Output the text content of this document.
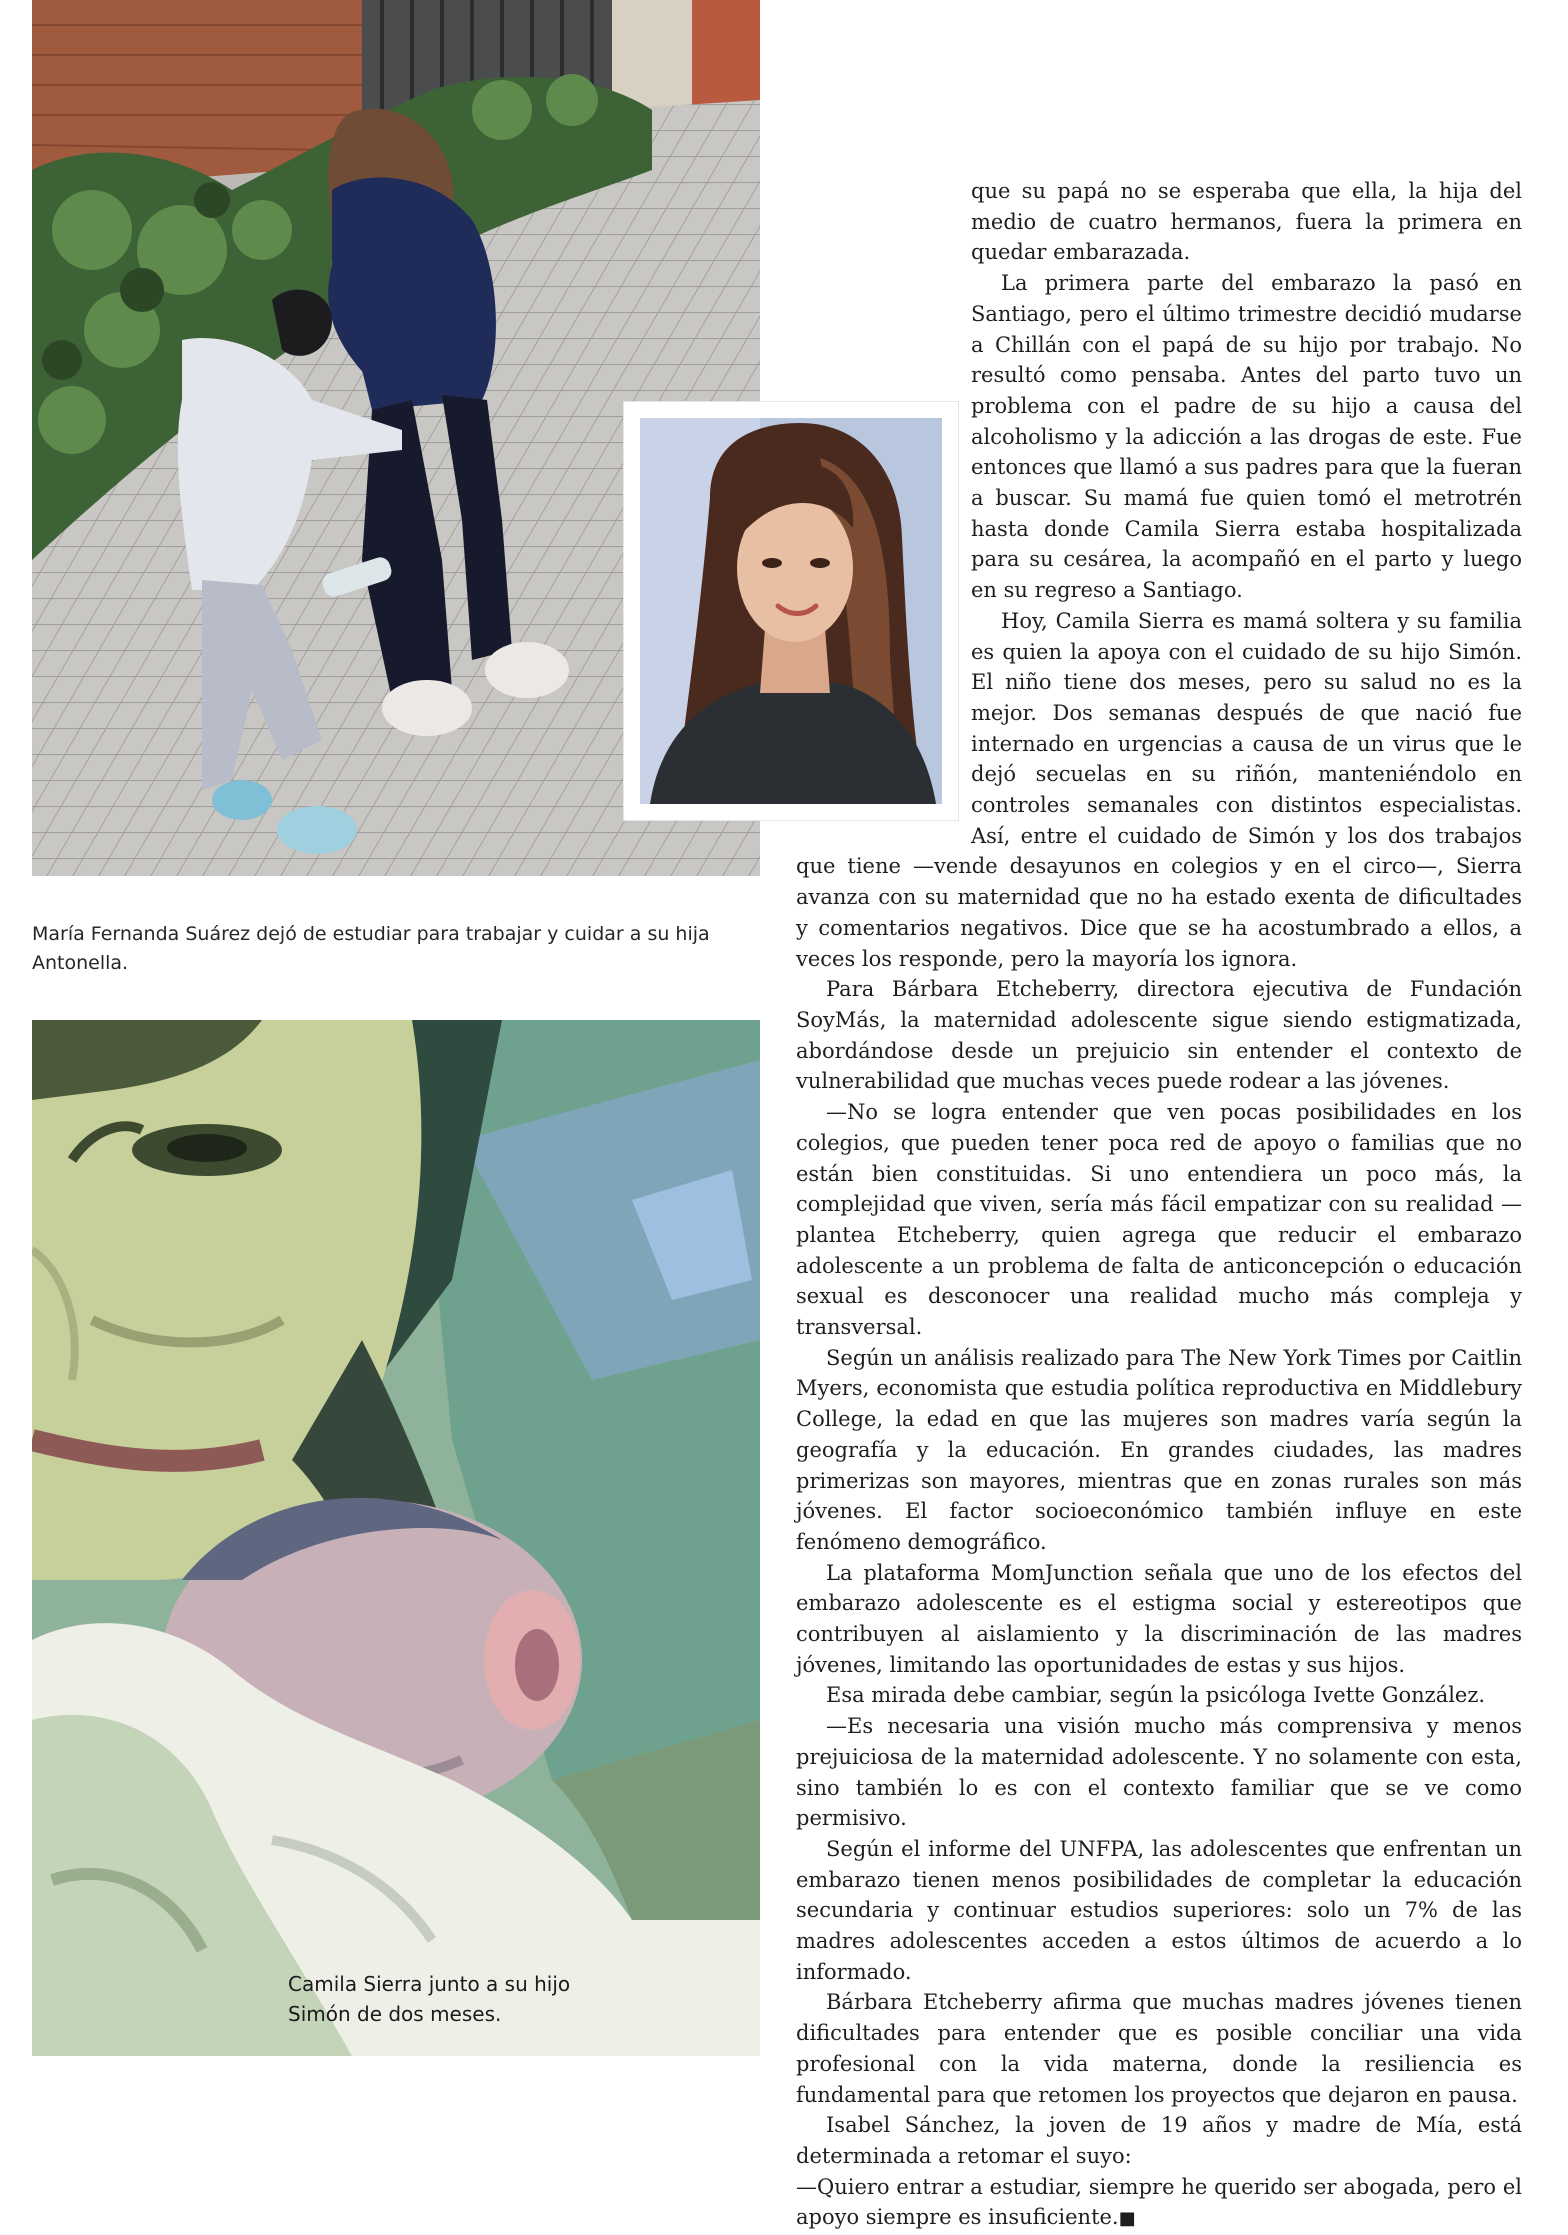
María Fernanda Suárez dejó de estudiar para trabajar y cuidar a su hija Antonella.

Camila Sierra junto a su hijo Simón de dos meses.

que su papá no se esperaba que ella, la hija del medio de cuatro hermanos, fuera la primera en quedar embarazada.

La primera parte del embarazo la pasó en Santiago, pero el último trimestre decidió mudarse a Chillán con el papá de su hijo por trabajo. No resultó como pensaba. Antes del parto tuvo un problema con el padre de su hijo a causa del alcoholismo y la adicción a las drogas de este. Fue entonces que llamó a sus padres para que la fueran a buscar. Su mamá fue quien tomó el metrotrén hasta donde Camila Sierra estaba hospitalizada para su cesárea, la acompañó en el parto y luego en su regreso a Santiago.

Hoy, Camila Sierra es mamá soltera y su familia es quien la apoya con el cuidado de su hijo Simón. El niño tiene dos meses, pero su salud no es la mejor. Dos semanas después de que nació fue internado en urgencias a causa de un virus que le dejó secuelas en su riñón, manteniéndolo en controles semanales con distintos especialistas. Así, entre el cuidado de Simón y los dos trabajos que tiene —vende desayunos en colegios y en el circo—, Sierra avanza con su maternidad que no ha estado exenta de dificultades y comentarios negativos. Dice que se ha acostumbrado a ellos, a veces los responde, pero la mayoría los ignora.

Para Bárbara Etcheberry, directora ejecutiva de Fundación SoyMás, la maternidad adolescente sigue siendo estigmatizada, abordándose desde un prejuicio sin entender el contexto de vulnerabilidad que muchas veces puede rodear a las jóvenes.

—No se logra entender que ven pocas posibilidades en los colegios, que pueden tener poca red de apoyo o familias que no están bien constituidas. Si uno entendiera un poco más, la complejidad que viven, sería más fácil empatizar con su realidad —plantea Etcheberry, quien agrega que reducir el embarazo adolescente a un problema de falta de anticoncepción o educación sexual es desconocer una realidad mucho más compleja y transversal.

Según un análisis realizado para The New York Times por Caitlin Myers, economista que estudia política reproductiva en Middlebury College, la edad en que las mujeres son madres varía según la geografía y la educación. En grandes ciudades, las madres primerizas son mayores, mientras que en zonas rurales son más jóvenes. El factor socioeconómico también influye en este fenómeno demográfico.

La plataforma MomJunction señala que uno de los efectos del embarazo adolescente es el estigma social y estereotipos que contribuyen al aislamiento y la discriminación de las madres jóvenes, limitando las oportunidades de estas y sus hijos.

Esa mirada debe cambiar, según la psicóloga Ivette González.

—Es necesaria una visión mucho más comprensiva y menos prejuiciosa de la maternidad adolescente. Y no solamente con esta, sino también lo es con el contexto familiar que se ve como permisivo.

Según el informe del UNFPA, las adolescentes que enfrentan un embarazo tienen menos posibilidades de completar la educación secundaria y continuar estudios superiores: solo un 7% de las madres adolescentes acceden a estos últimos de acuerdo a lo informado.

Bárbara Etcheberry afirma que muchas madres jóvenes tienen dificultades para entender que es posible conciliar una vida profesional con la vida materna, donde la resiliencia es fundamental para que retomen los proyectos que dejaron en pausa.

Isabel Sánchez, la joven de 19 años y madre de Mía, está determinada a retomar el suyo:

—Quiero entrar a estudiar, siempre he querido ser abogada, pero el apoyo siempre es insuficiente.■
